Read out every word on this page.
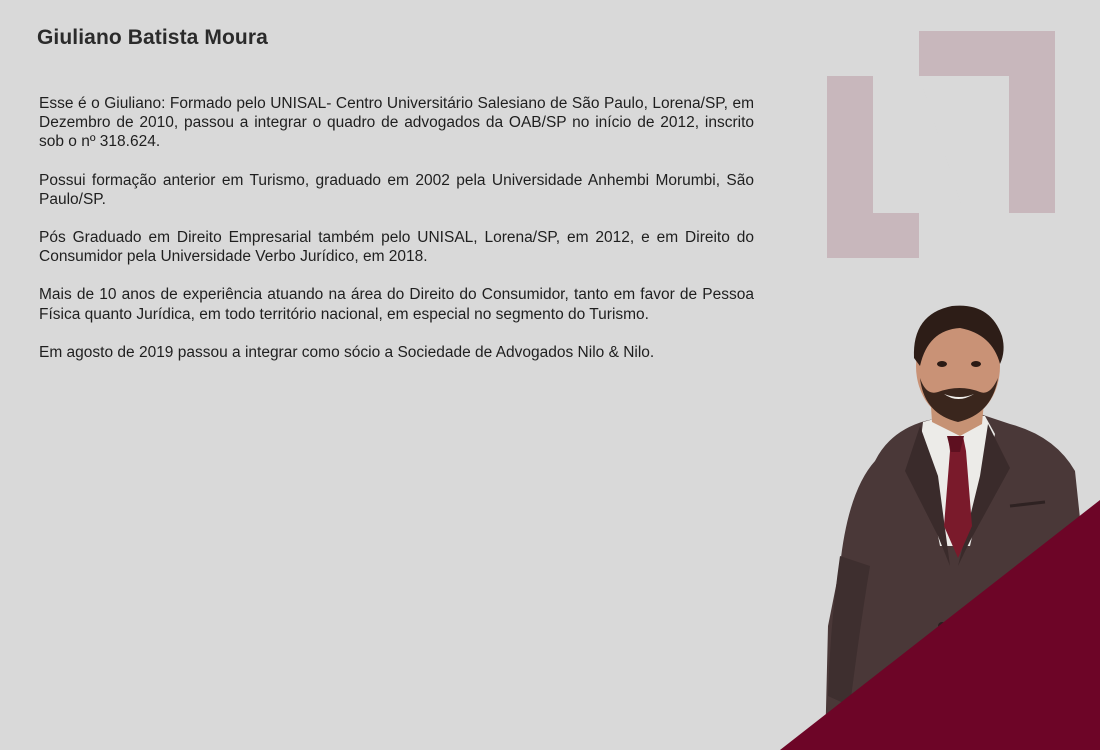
Giuliano Batista Moura

Esse é o Giuliano: Formado pelo UNISAL- Centro Universitário Salesiano de São Paulo, Lorena/SP, em Dezembro de 2010, passou a integrar o quadro de advogados da OAB/SP no início de 2012, inscrito sob o nº 318.624.

Possui formação anterior em Turismo, graduado em 2002 pela Universidade Anhembi Morumbi, São Paulo/SP.

Pós Graduado em Direito Empresarial também pelo UNISAL, Lorena/SP, em 2012, e em Direito do Consumidor pela Universidade Verbo Jurídico, em 2018.

Mais de 10 anos de experiência atuando na área do Direito do Consumidor, tanto em favor de Pessoa Física quanto Jurídica, em todo território nacional, em especial no segmento do Turismo.

Em agosto de 2019 passou a integrar como sócio a Sociedade de Advogados Nilo & Nilo.
